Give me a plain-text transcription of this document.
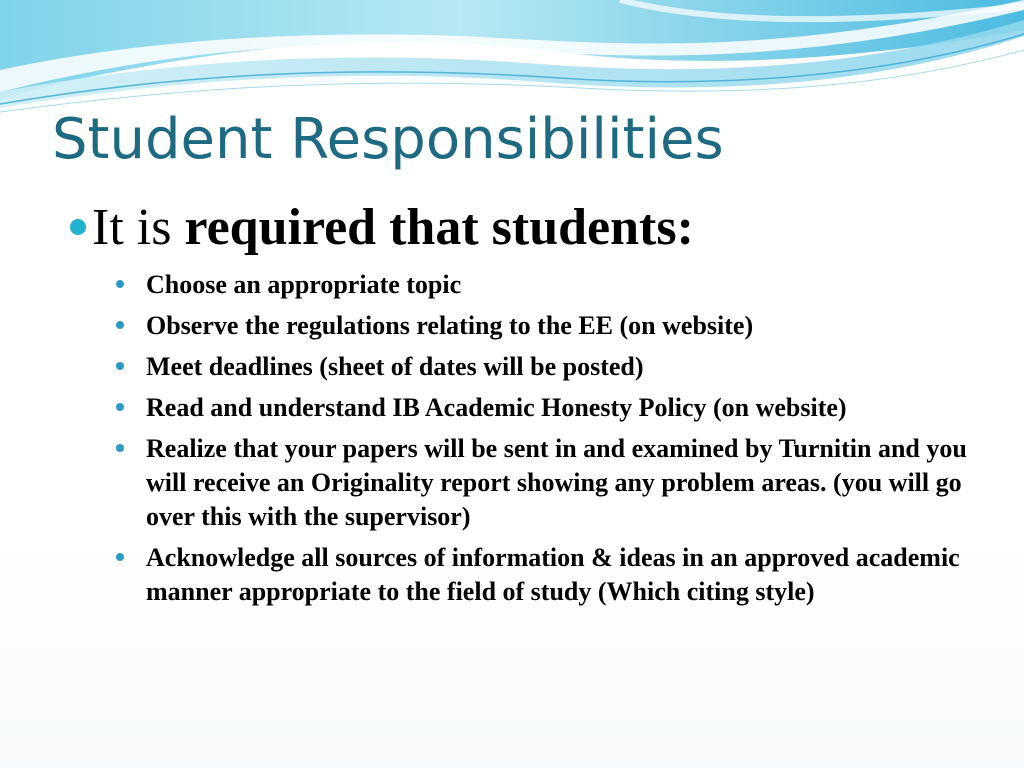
Student Responsibilities
It is required that students:
Choose an appropriate topic
Observe the regulations relating to the EE (on website)
Meet deadlines (sheet of dates will be posted)
Read and understand IB Academic Honesty Policy (on website)
Realize that your papers will be sent in and examined by Turnitin and you will receive an Originality report showing any problem areas. (you will go over this with the supervisor)
Acknowledge all sources of information & ideas in an approved academic manner appropriate to the field of study (Which citing style)
